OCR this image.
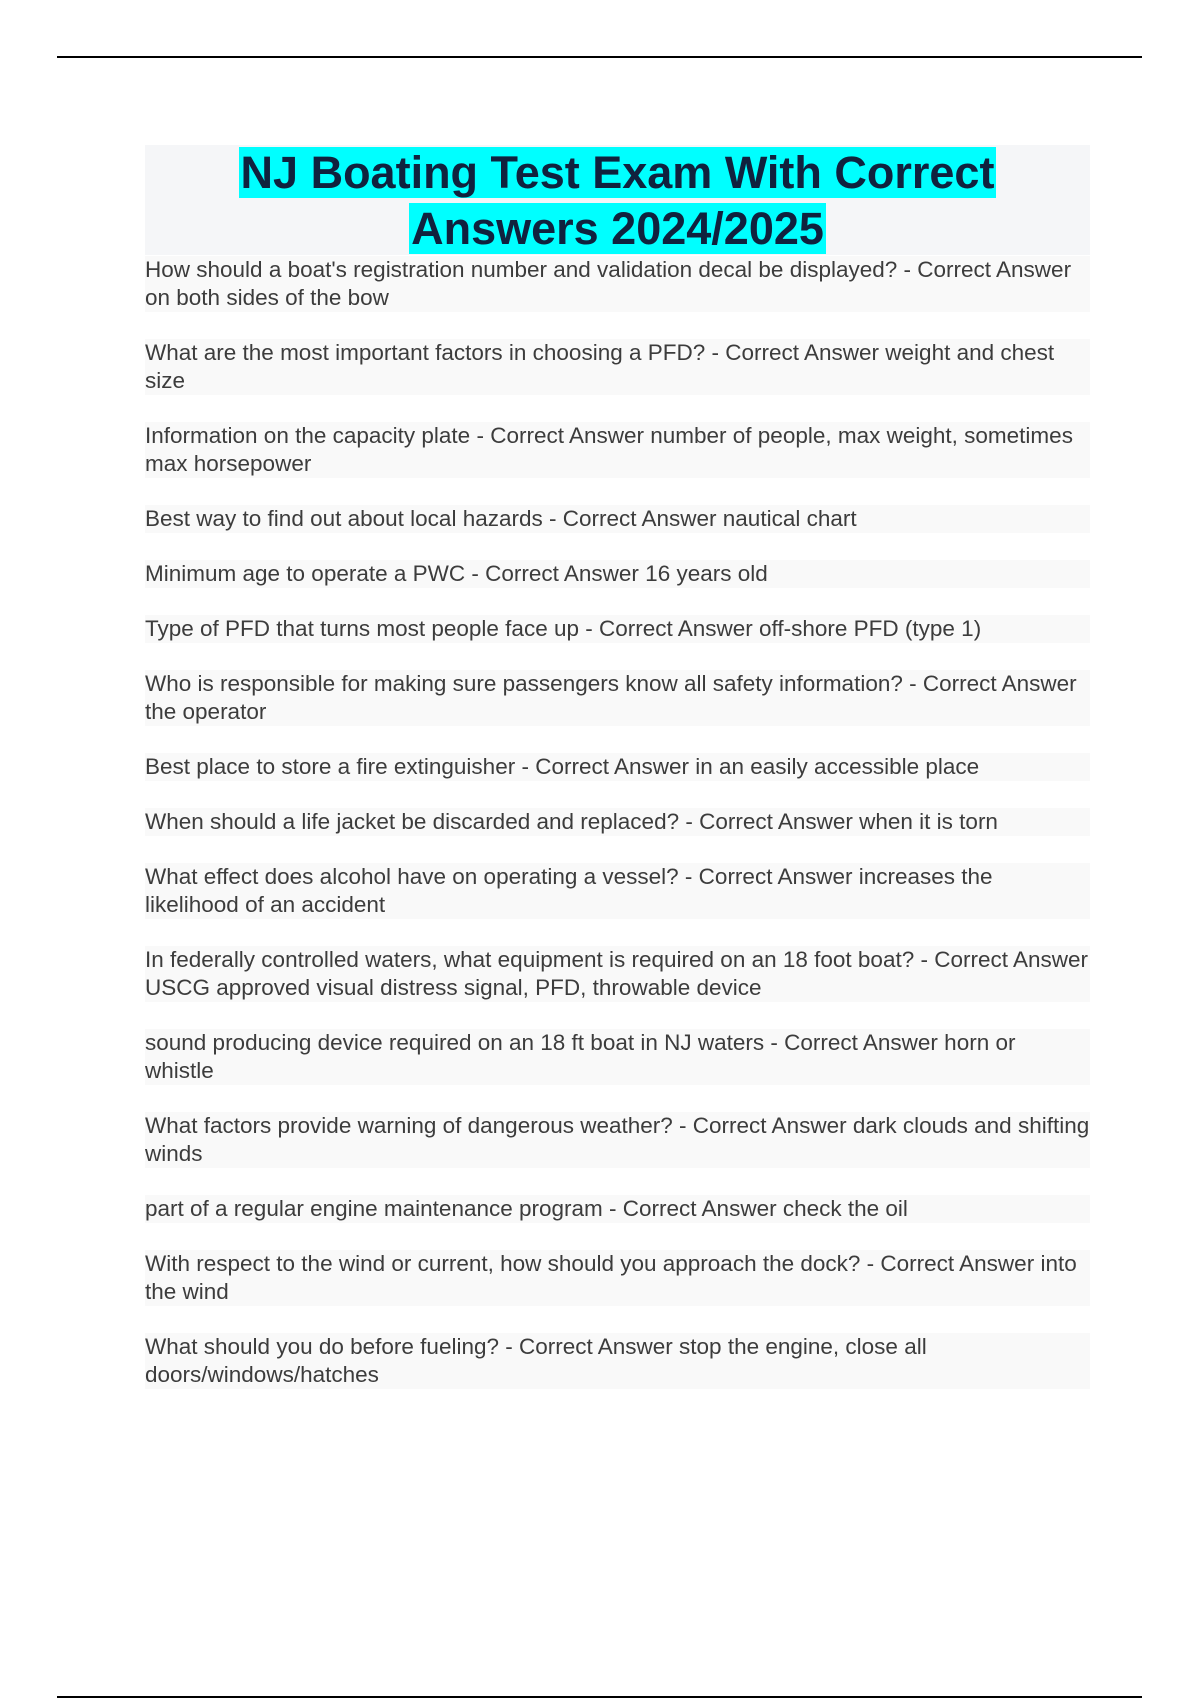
NJ Boating Test Exam With Correct
Answers 2024/2025

How should a boat's registration number and validation decal be displayed? - Correct Answer on both sides of the bow

What are the most important factors in choosing a PFD? - Correct Answer weight and chest size

Information on the capacity plate - Correct Answer number of people, max weight, sometimes max horsepower

Best way to find out about local hazards - Correct Answer nautical chart

Minimum age to operate a PWC - Correct Answer 16 years old

Type of PFD that turns most people face up - Correct Answer off-shore PFD (type 1)

Who is responsible for making sure passengers know all safety information? - Correct Answer the operator

Best place to store a fire extinguisher - Correct Answer in an easily accessible place

When should a life jacket be discarded and replaced? - Correct Answer when it is torn

What effect does alcohol have on operating a vessel? - Correct Answer increases the likelihood of an accident

In federally controlled waters, what equipment is required on an 18 foot boat? - Correct Answer USCG approved visual distress signal, PFD, throwable device

sound producing device required on an 18 ft boat in NJ waters - Correct Answer horn or whistle

What factors provide warning of dangerous weather? - Correct Answer dark clouds and shifting winds

part of a regular engine maintenance program - Correct Answer check the oil

With respect to the wind or current, how should you approach the dock? - Correct Answer into the wind

What should you do before fueling? - Correct Answer stop the engine, close all doors/windows/hatches
